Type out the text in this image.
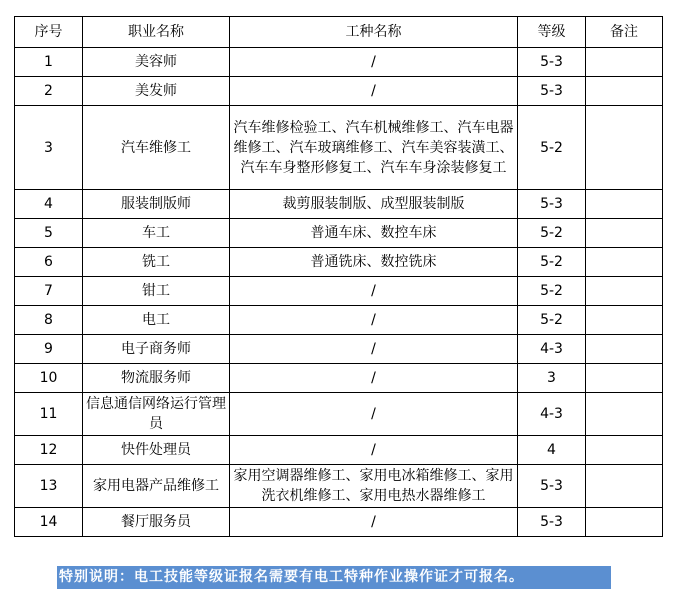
序号	职业名称	工种名称	等级	备注
1	美容师	/	5-3	
2	美发师	/	5-3	
3	汽车维修工	汽车维修检验工、汽车机械维修工、汽车电器维修工、汽车玻璃维修工、汽车美容装潢工、汽车车身整形修复工、汽车车身涂装修复工	5-2	
4	服装制版师	裁剪服装制版、成型服装制版	5-3	
5	车工	普通车床、数控车床	5-2	
6	铣工	普通铣床、数控铣床	5-2	
7	钳工	/	5-2	
8	电工	/	5-2	
9	电子商务师	/	4-3	
10	物流服务师	/	3	
11	信息通信网络运行管理员	/	4-3	
12	快件处理员	/	4	
13	家用电器产品维修工	家用空调器维修工、家用电冰箱维修工、家用洗衣机维修工、家用电热水器维修工	5-3	
14	餐厅服务员	/	5-3	
特别说明：电工技能等级证报名需要有电工特种作业操作证才可报名。
